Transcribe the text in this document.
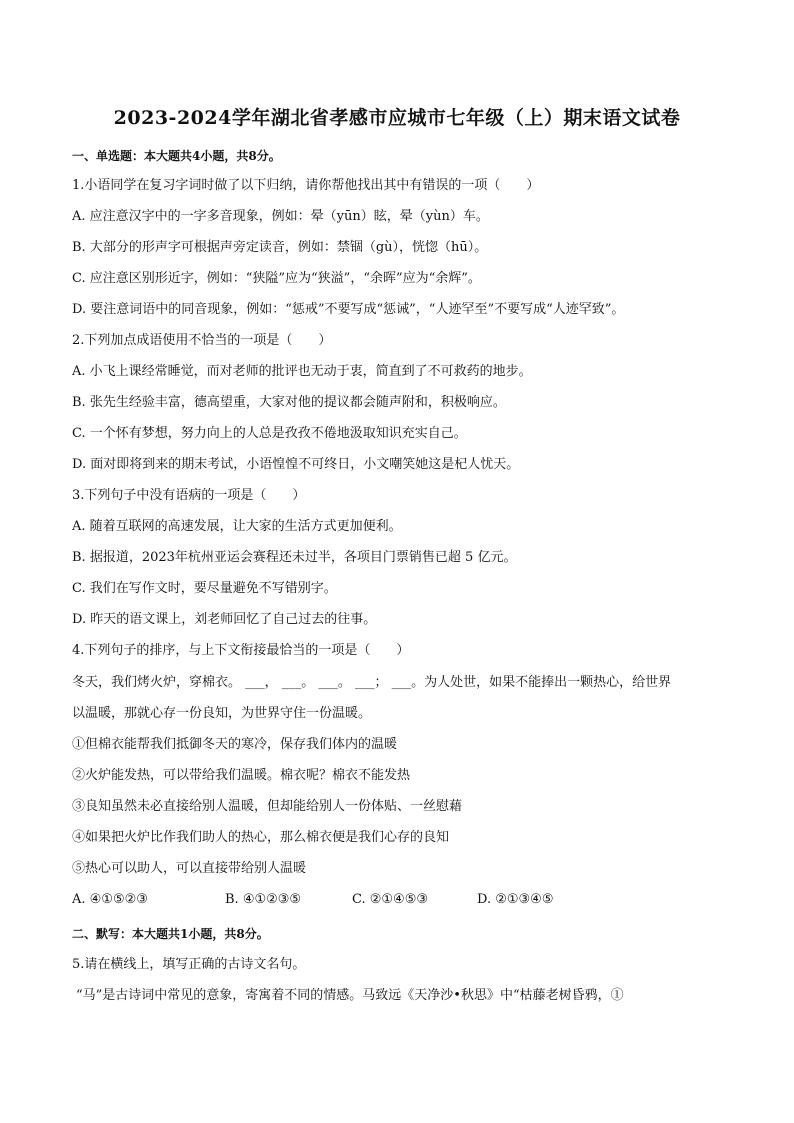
2023-2024学年湖北省孝感市应城市七年级（上）期末语文试卷
一、单选题：本大题共4小题，共8分。
1.小语同学在复习字词时做了以下归纳，请你帮他找出其中有错误的一项（　　）
A. 应注意汉字中的一字多音现象，例如：晕（yūn）眩，晕（yùn）车。
B. 大部分的形声字可根据声旁定读音，例如：禁锢（gù），恍惚（hū）。
C. 应注意区别形近字，例如：“狭隘”应为“狭溢”，“余晖”应为“余辉”。
D. 要注意词语中的同音现象，例如：“惩戒”不要写成“惩诫”，“人迹罕至”不要写成“人迹罕致”。
2.下列加点成语使用不恰当的一项是（　　）
A. 小飞上课经常睡觉，而对老师的批评也无动于衷，简直到了不可救药的地步。
B. 张先生经验丰富，德高望重，大家对他的提议都会随声附和，积极响应。
C. 一个怀有梦想，努力向上的人总是孜孜不倦地汲取知识充实自己。
D. 面对即将到来的期末考试，小语惶惶不可终日，小文嘲笑她这是杞人忧天。
3.下列句子中没有语病的一项是（　　）
A. 随着互联网的高速发展，让大家的生活方式更加便利。
B. 据报道，2023年杭州亚运会赛程还未过半，各项目门票销售已超 5 亿元。
C. 我们在写作文时，要尽量避免不写错别字。
D. 昨天的语文课上，刘老师回忆了自己过去的往事。
4.下列句子的排序，与上下文衔接最恰当的一项是（　　）
冬天，我们烤火炉，穿棉衣。 ___， ___。 ___。 ___； ___。为人处世，如果不能捧出一颗热心，给世界
以温暖，那就心存一份良知，为世界守住一份温暖。
①但棉衣能帮我们抵御冬天的寒冷，保存我们体内的温暖
②火炉能发热，可以带给我们温暖。棉衣呢？棉衣不能发热
③良知虽然未必直接给别人温暖，但却能给别人一份体贴、一丝慰藉
④如果把火炉比作我们助人的热心，那么棉衣便是我们心存的良知
⑤热心可以助人，可以直接带给别人温暖
A. ④①⑤②③	B. ④①②③⑤	C. ②①④⑤③	D. ②①③④⑤
二、默写：本大题共1小题，共8分。
5.请在横线上，填写正确的古诗文名句。
“马”是古诗词中常见的意象，寄寓着不同的情感。马致远《天净沙•秋思》中“枯藤老树昏鸦，①
